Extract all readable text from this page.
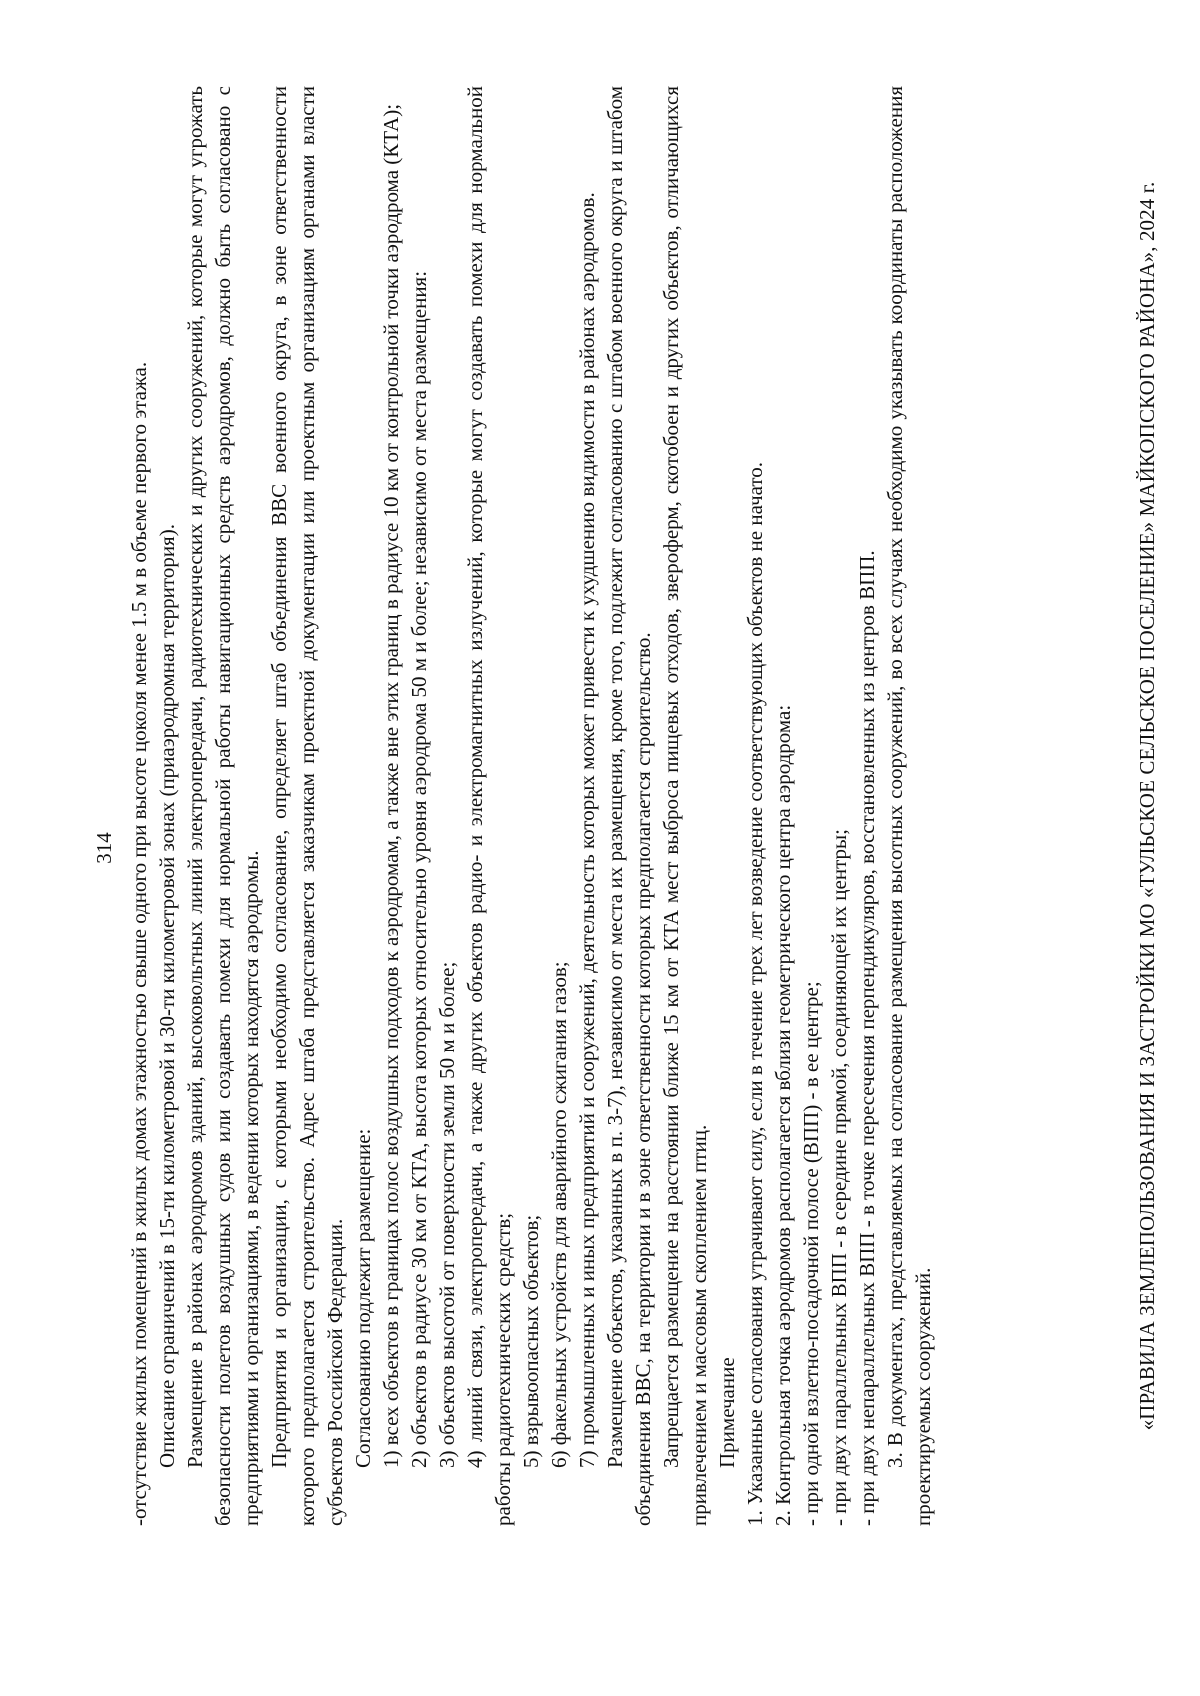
314 -отсутствие жилых помещений в жилых домах этажностью свыше одного при высоте цоколя менее 1.5 м в объеме первого этажа. Описание ограничений в 15-ти километровой и 30-ти километровой зонах (приаэродромная территория). Размещение в районах аэродромов зданий, высоковольтных линий электропередачи, радиотехнических и других сооружений, которые могут угрожать безопасности полетов воздушных судов или создавать помехи для нормальной работы навигационных средств аэродромов, должно быть согласовано с предприятиями и организациями, в ведении которых находятся аэродромы. Предприятия и организации, с которыми необходимо согласование, определяет штаб объединения ВВС военного округа, в зоне ответственности которого предполагается строительство. Адрес штаба представляется заказчикам проектной документации или проектным организациям органами власти субъектов Российской Федерации. Согласованию подлежит размещение: 1) всех объектов в границах полос воздушных подходов к аэродромам, а также вне этих границ в радиусе 10 км от контрольной точки аэродрома (КТА); 2) объектов в радиусе 30 км от КТА, высота которых относительно уровня аэродрома 50 м и более; независимо от места размещения: 3) объектов высотой от поверхности земли 50 м и более; 4) линий связи, электропередачи, а также других объектов радио- и электромагнитных излучений, которые могут создавать помехи для нормальной работы радиотехнических средств; 5) взрывоопасных объектов; 6) факельных устройств для аварийного сжигания газов; 7) промышленных и иных предприятий и сооружений, деятельность которых может привести к ухудшению видимости в районах аэродромов. Размещение объектов, указанных в п. 3-7), независимо от места их размещения, кроме того, подлежит согласованию с штабом военного округа и штабом объединения ВВС, на территории и в зоне ответственности которых предполагается строительство. Запрещается размещение на расстоянии ближе 15 км от КТА мест выброса пищевых отходов, звероферм, скотобоен и других объектов, отличающихся привлечением и массовым скоплением птиц. Примечание 1. Указанные согласования утрачивают силу, если в течение трех лет возведение соответствующих объектов не начато. 2. Контрольная точка аэродромов располагается вблизи геометрического центра аэродрома: - при одной взлетно-посадочной полосе (ВПП) - в ее центре; - при двух параллельных ВПП - в середине прямой, соединяющей их центры; - при двух непараллельных ВПП - в точке пересечения перпендикуляров, восстановленных из центров ВПП. 3. В документах, представляемых на согласование размещения высотных сооружений, во всех случаях необходимо указывать координаты расположения проектируемых сооружений.	«ПРАВИЛА ЗЕМЛЕПОЛЬЗОВАНИЯ И ЗАСТРОЙКИ МО «ТУЛЬСКОЕ СЕЛЬСКОЕ ПОСЕЛЕНИЕ» МАЙКОПСКОГО РАЙОНА», 2024 г.
